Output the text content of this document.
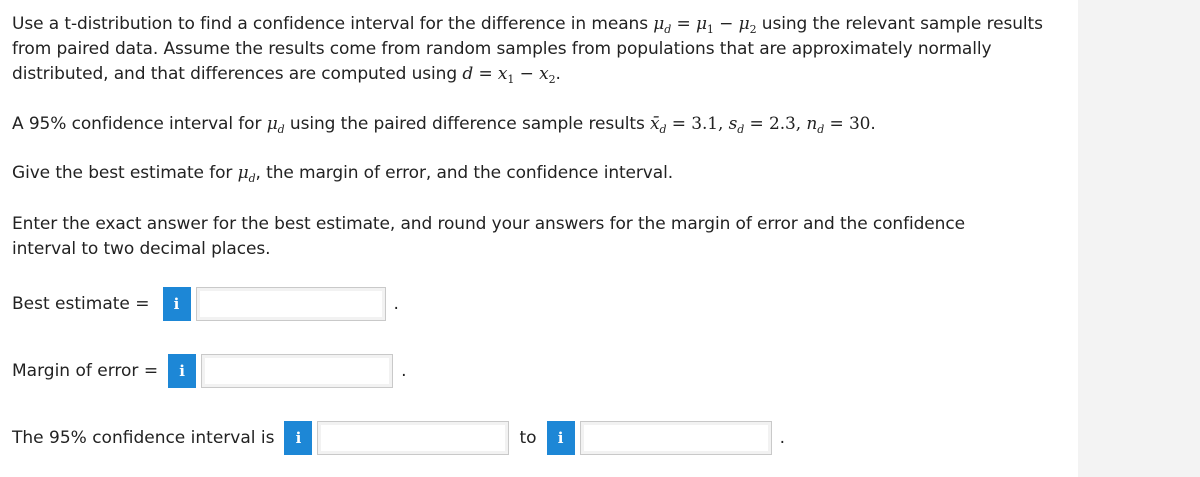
Use a t-distribution to find a confidence interval for the difference in means $\mu_d = \mu_1 - \mu_2$ using the relevant sample results from paired data. Assume the results come from random samples from populations that are approximately normally distributed, and that differences are computed using $d = x_1 - x_2$.

A 95% confidence interval for $\mu_d$ using the paired difference sample results $x̄_d = 3.1$, $s_d = 2.3$, $n_d = 30$.

Give the best estimate for $\mu_d$, the margin of error, and the confidence interval.

Enter the exact answer for the best estimate, and round your answers for the margin of error and the confidence interval to two decimal places.

Best estimate =	i	.
Margin of error =	i	.
The 95% confidence interval is	i	to	i	.
